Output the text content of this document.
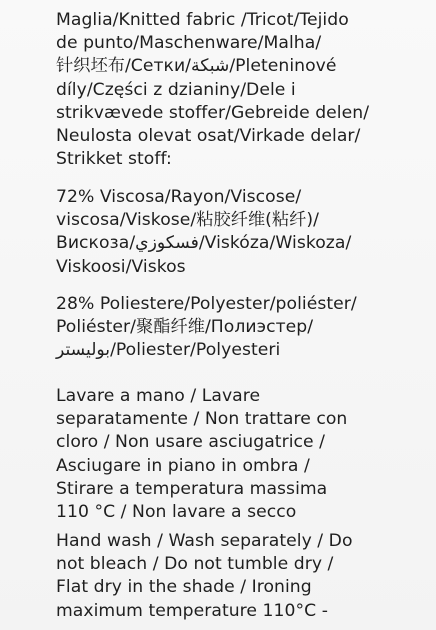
Maglia/Knitted fabric /Tricot/Tejido
de punto/Maschenware/Malha/
针织坯布/Сетки/شبكة/Pleteninové
díly/Części z dzianiny/Dele i
strikvævede stoffer/Gebreide delen/
Neulosta olevat osat/Virkade delar/
Strikket stoff:
72% Viscosa/Rayon/Viscose/
viscosa/Viskose/粘胶纤维(粘纤)/
Вискоза/فسكوزي/Viskóza/Wiskoza/
Viskoosi/Viskos
28% Poliestere/Polyester/poliéster/
Poliéster/聚酯纤维/Полиэстер/
بوليستر/Poliester/Polyesteri
Lavare a mano / Lavare
separatamente / Non trattare con
cloro / Non usare asciugatrice /
Asciugare in piano in ombra /
Stirare a temperatura massima
110 °C / Non lavare a secco
Hand wash / Wash separately / Do
not bleach / Do not tumble dry /
Flat dry in the shade / Ironing
maximum temperature 110°C -
